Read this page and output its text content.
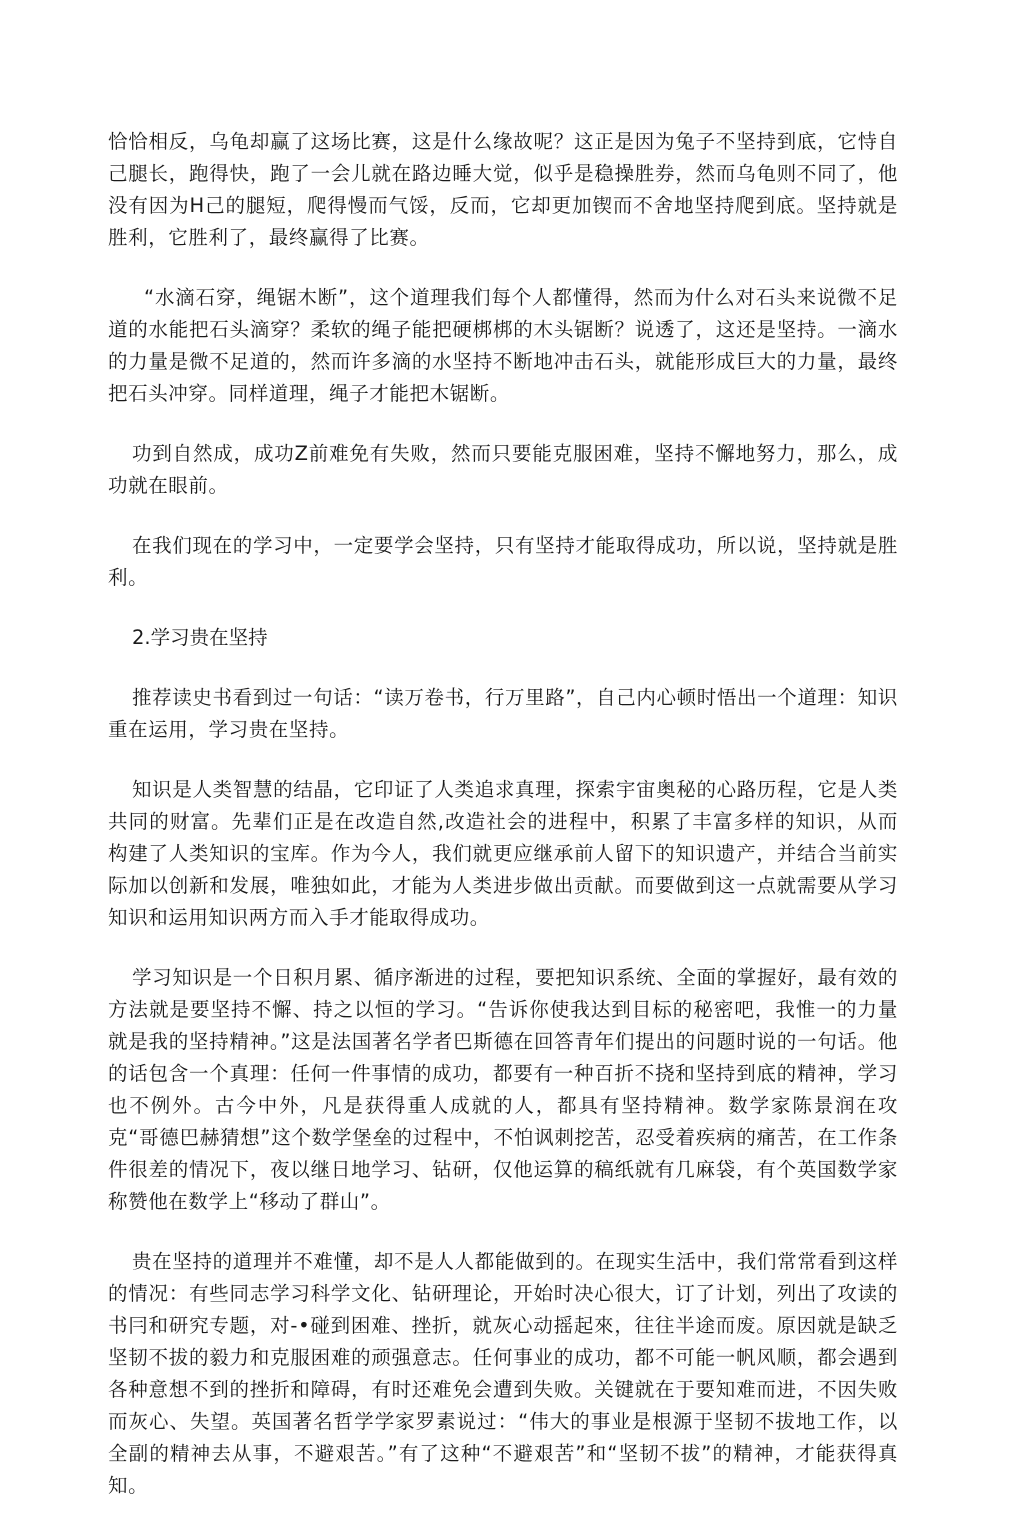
恰恰相反，乌龟却赢了这场比赛，这是什么缘故呢？这正是因为兔子不坚持到底，它恃自己腿长，跑得快，跑了一会儿就在路边睡大觉，似乎是稳操胜券，然而乌龟则不同了，他没有因为H己的腿短，爬得慢而气馁，反而，它却更加锲而不舍地坚持爬到底。坚持就是胜利，它胜利了，最终赢得了比赛。

“水滴石穿，绳锯木断”，这个道理我们每个人都懂得，然而为什么对石头来说微不足道的水能把石头滴穿？柔软的绳子能把硬梆梆的木头锯断？说透了，这还是坚持。一滴水的力量是微不足道的，然而许多滴的水坚持不断地冲击石头，就能形成巨大的力量，最终把石头冲穿。同样道理，绳子才能把木锯断。

功到自然成，成功Z前难免有失败，然而只要能克服困难，坚持不懈地努力，那么，成功就在眼前。

在我们现在的学习中，一定要学会坚持，只有坚持才能取得成功，所以说，坚持就是胜利。

2.学习贵在坚持

推荐读史书看到过一句话：“读万卷书，行万里路”，自己内心顿时悟出一个道理：知识重在运用，学习贵在坚持。

知识是人类智慧的结晶，它印证了人类追求真理，探索宇宙奥秘的心路历程，它是人类共同的财富。先辈们正是在改造自然,改造社会的进程中，积累了丰富多样的知识，从而构建了人类知识的宝库。作为今人，我们就更应继承前人留下的知识遗产，并结合当前实际加以创新和发展，唯独如此，才能为人类进步做出贡献。而要做到这一点就需要从学习知识和运用知识两方而入手才能取得成功。

学习知识是一个日积月累、循序渐进的过程，要把知识系统、全面的掌握好，最有效的方法就是要坚持不懈、持之以恒的学习。“告诉你使我达到目标的秘密吧，我惟一的力量就是我的坚持精神。”这是法国著名学者巴斯德在回答青年们提出的问题时说的一句话。他的话包含一个真理：任何一件事情的成功，都要有一种百折不挠和坚持到底的精神，学习也不例外。古今中外，凡是获得重人成就的人，都具有坚持精神。数学家陈景润在攻克“哥德巴赫猜想”这个数学堡垒的过程中，不怕讽刺挖苦，忍受着疾病的痛苦，在工作条件很差的情况下，夜以继日地学习、钻研，仅他运算的稿纸就有几麻袋，有个英国数学家称赞他在数学上“移动了群山”。

贵在坚持的道理并不难懂，却不是人人都能做到的。在现实生活中，我们常常看到这样的情况：有些同志学习科学文化、钻研理论，开始时决心很大，订了计划，列出了攻读的书冃和研究专题，对-•碰到困难、挫折，就灰心动摇起來，往往半途而废。原因就是缺乏坚韧不拔的毅力和克服困难的顽强意志。任何事业的成功，都不可能一帆风顺，都会遇到各种意想不到的挫折和障碍，有时还难免会遭到失败。关键就在于要知难而进，不因失败而灰心、失望。英国著名哲学学家罗素说过：“伟大的事业是根源于坚韧不拔地工作，以全副的精神去从事，不避艰苦。”有了这种“不避艰苦”和“坚韧不拔”的精神，才能获得真知。
